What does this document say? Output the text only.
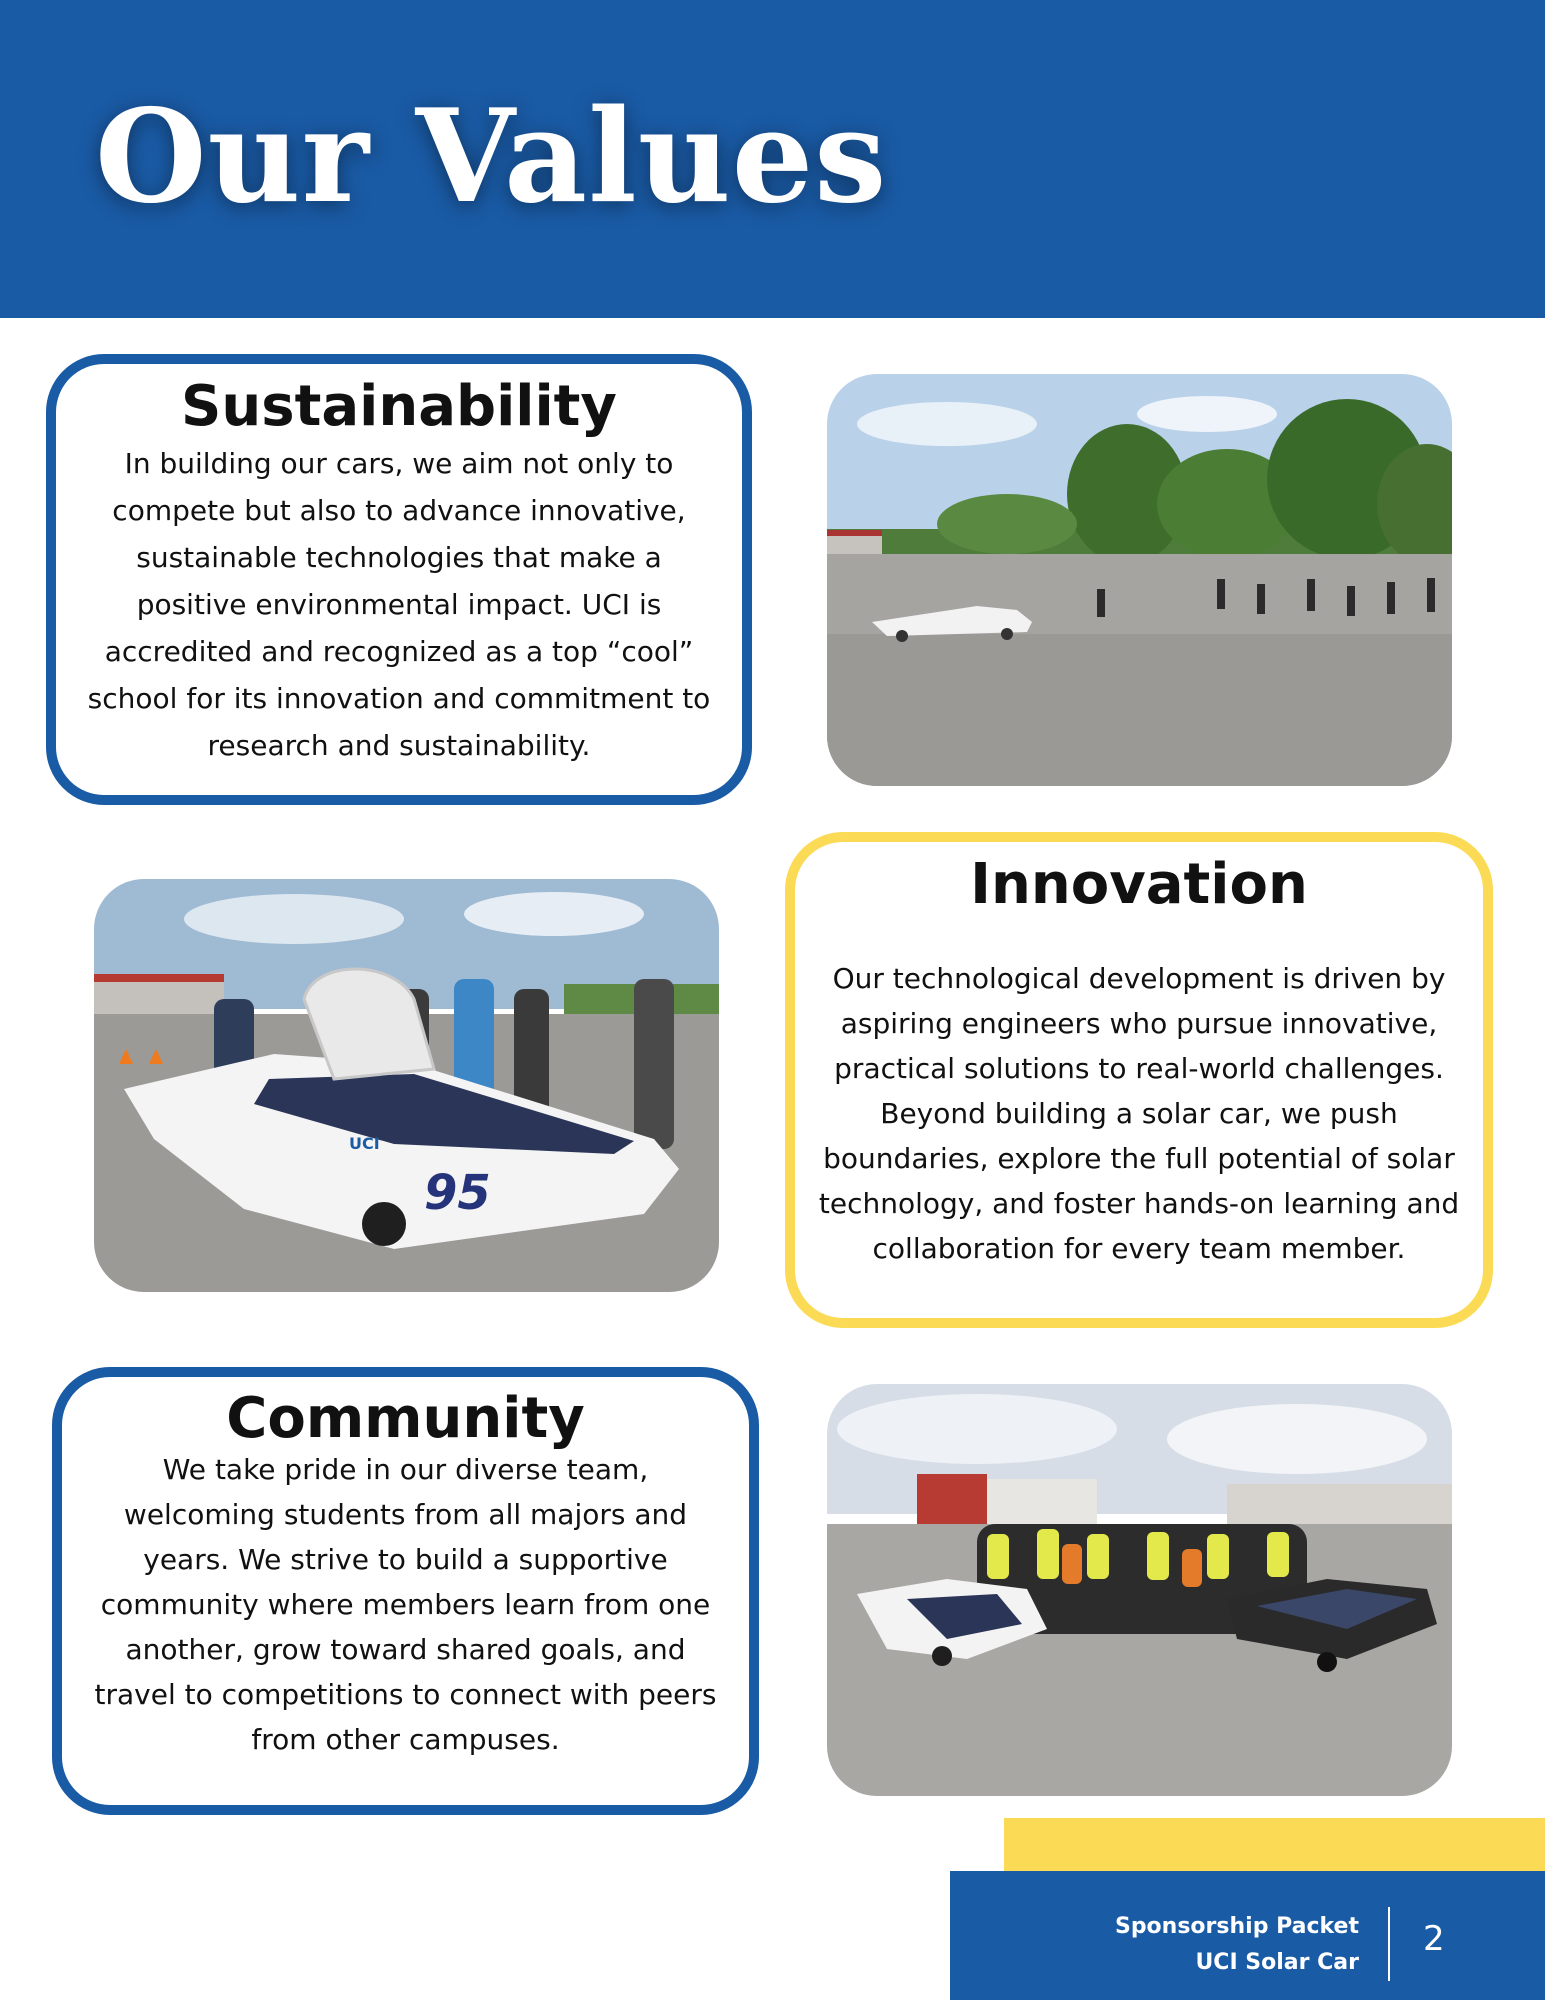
Our Values
Sustainability

In building our cars, we aim not only to

compete but also to advance innovative,

sustainable technologies that make a

positive environmental impact. UCI is

accredited and recognized as a top “cool”

school for its innovation and commitment to

research and sustainability.

95
UCI
Innovation

Our technological development is driven by

aspiring engineers who pursue innovative,

practical solutions to real-world challenges.

Beyond building a solar car, we push

boundaries, explore the full potential of solar

technology, and foster hands-on learning and

collaboration for every team member.

Community

We take pride in our diverse team,

welcoming students from all majors and

years. We strive to build a supportive

community where members learn from one

another, grow toward shared goals, and

travel to competitions to connect with peers

from other campuses.

Sponsorship Packet
UCI Solar Car
2
